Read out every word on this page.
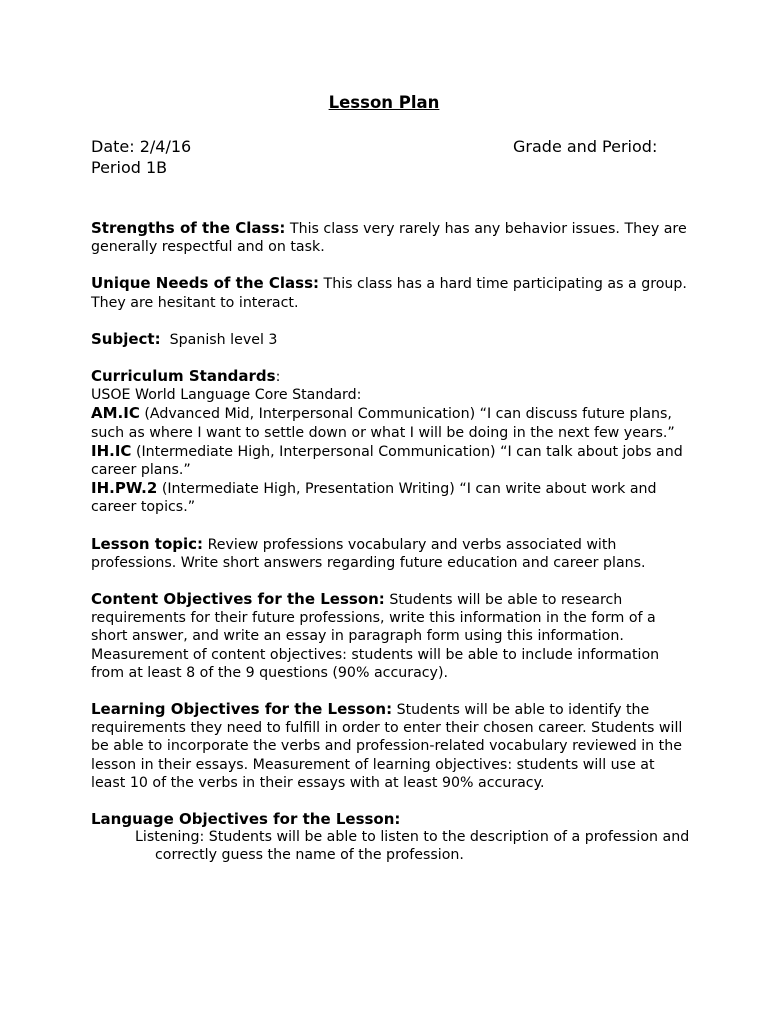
Lesson Plan
Date: 2/4/16	Grade and Period:

Period 1B

Strengths of the Class: This class very rarely has any behavior issues. They are generally respectful and on task.

Unique Needs of the Class: This class has a hard time participating as a group. They are hesitant to interact.

Subject: Spanish level 3

Curriculum Standards:
USOE World Language Core Standard:
AM.IC (Advanced Mid, Interpersonal Communication) “I can discuss future plans, such as where I want to settle down or what I will be doing in the next few years.”
IH.IC (Intermediate High, Interpersonal Communication) “I can talk about jobs and career plans.”
IH.PW.2 (Intermediate High, Presentation Writing) “I can write about work and career topics.”

Lesson topic: Review professions vocabulary and verbs associated with professions. Write short answers regarding future education and career plans.

Content Objectives for the Lesson: Students will be able to research requirements for their future professions, write this information in the form of a short answer, and write an essay in paragraph form using this information. Measurement of content objectives: students will be able to include information from at least 8 of the 9 questions (90% accuracy).

Learning Objectives for the Lesson: Students will be able to identify the requirements they need to fulfill in order to enter their chosen career. Students will be able to incorporate the verbs and profession-related vocabulary reviewed in the lesson in their essays. Measurement of learning objectives: students will use at least 10 of the verbs in their essays with at least 90% accuracy.

Language Objectives for the Lesson:
Listening: Students will be able to listen to the description of a profession andcorrectly guess the name of the profession.
